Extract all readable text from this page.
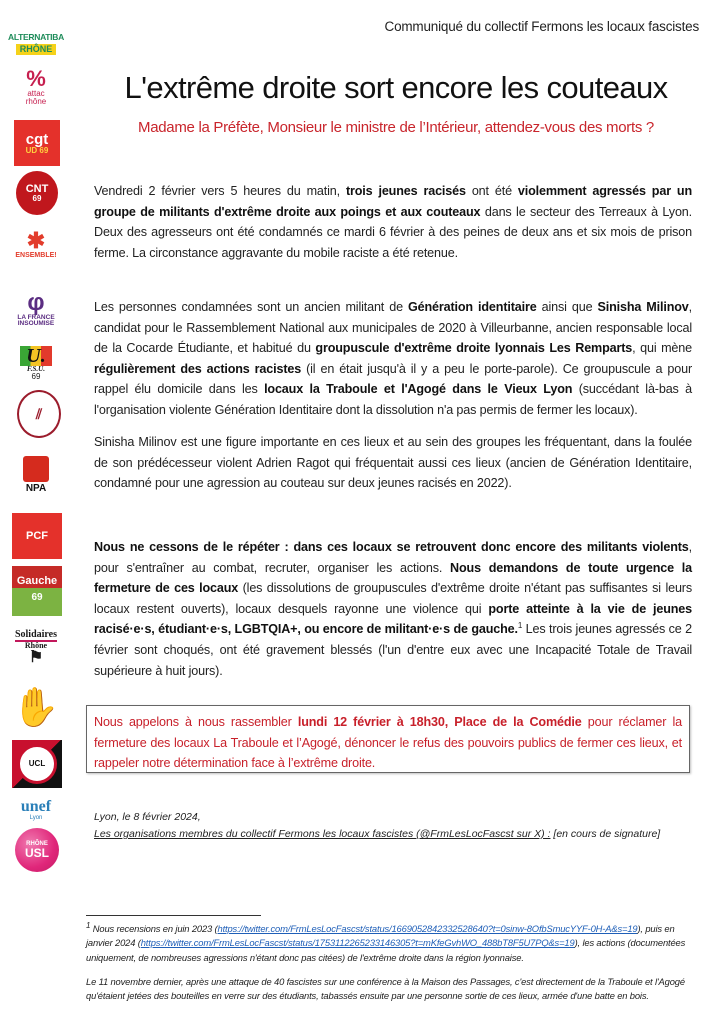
ALTERNATIBA
RHÔNE
%
attac
rhône
cgt
UD 69
CNT
69
✱
ENSEMBLE!
φ
LA FRANCE
INSOUMISE
U.
F.S.U.
69
⫽
NPA
PCF
Gauche
69
Solidaires
Rhône
⚑
✋
UCL
unef
Lyon
RHÔNE
USL
Communiqué du collectif Fermons les locaux fascistes
L'extrême droite sort encore les couteaux
Madame la Préfète, Monsieur le ministre de l’Intérieur, attendez-vous des morts ?
Vendredi 2 février vers 5 heures du matin, trois jeunes racisés ont été violemment agressés par un groupe de militants d'extrême droite aux poings et aux couteaux dans le secteur des Terreaux à Lyon. Deux des agresseurs ont été condamnés ce mardi 6 février à des peines de deux ans et six mois de prison ferme. La circonstance aggravante du mobile raciste a été retenue.
Les personnes condamnées sont un ancien militant de Génération identitaire ainsi que Sinisha Milinov, candidat pour le Rassemblement National aux municipales de 2020 à Villeurbanne, ancien responsable local de la Cocarde Étudiante, et habitué du groupuscule d'extrême droite lyonnais Les Remparts, qui mène régulièrement des actions racistes (il en était jusqu'à il y a peu le porte-parole). Ce groupuscule a pour rappel élu domicile dans les locaux la Traboule et l'Agogé dans le Vieux Lyon (succédant là-bas à l'organisation violente Génération Identitaire dont la dissolution n'a pas permis de fermer les locaux).
Sinisha Milinov est une figure importante en ces lieux et au sein des groupes les fréquentant, dans la foulée de son prédécesseur violent Adrien Ragot qui fréquentait aussi ces lieux (ancien de Génération Identitaire, condamné pour une agression au couteau sur deux jeunes racisés en 2022).
Nous ne cessons de le répéter : dans ces locaux se retrouvent donc encore des militants violents, pour s'entraîner au combat, recruter, organiser les actions. Nous demandons de toute urgence la fermeture de ces locaux (les dissolutions de groupuscules d'extrême droite n'étant pas suffisantes si leurs locaux restent ouverts), locaux desquels rayonne une violence qui porte atteinte à la vie de jeunes racisé·e·s, étudiant·e·s, LGBTQIA+, ou encore de militant·e·s de gauche.$^1$ Les trois jeunes agressés ce 2 février sont choqués, ont été gravement blessés (l'un d'entre eux avec une Incapacité Totale de Travail supérieure à huit jours).
Nous appelons à nous rassembler lundi 12 février à 18h30, Place de la Comédie pour réclamer la fermeture des locaux La Traboule et l’Agogé, dénoncer le refus des pouvoirs publics de fermer ces lieux, et rappeler notre détermination face à l’extrême droite.
Lyon, le 8 février 2024,
Les organisations membres du collectif Fermons les locaux fascistes (@FrmLesLocFascst sur X) : [en cours de signature]
$^1$ Nous recensions en juin 2023 (https://twitter.com/FrmLesLocFascst/status/1669052842332528640?t=0sinw-8OfbSmucYYF-0H-A&s=19), puis en janvier 2024 (https://twitter.com/FrmLesLocFascst/status/1753112265233146305?t=mKfeGvhWO_488bT8F5U7PQ&s=19), les actions (documentées uniquement, de nombreuses agressions n'étant donc pas citées) de l'extrême droite dans la région lyonnaise.
Le 11 novembre dernier, après une attaque de 40 fascistes sur une conférence à la Maison des Passages, c'est directement de la Traboule et l'Agogé qu'étaient jetées des bouteilles en verre sur des étudiants, tabassés ensuite par une personne sortie de ces lieux, armée d'une batte en bois.
